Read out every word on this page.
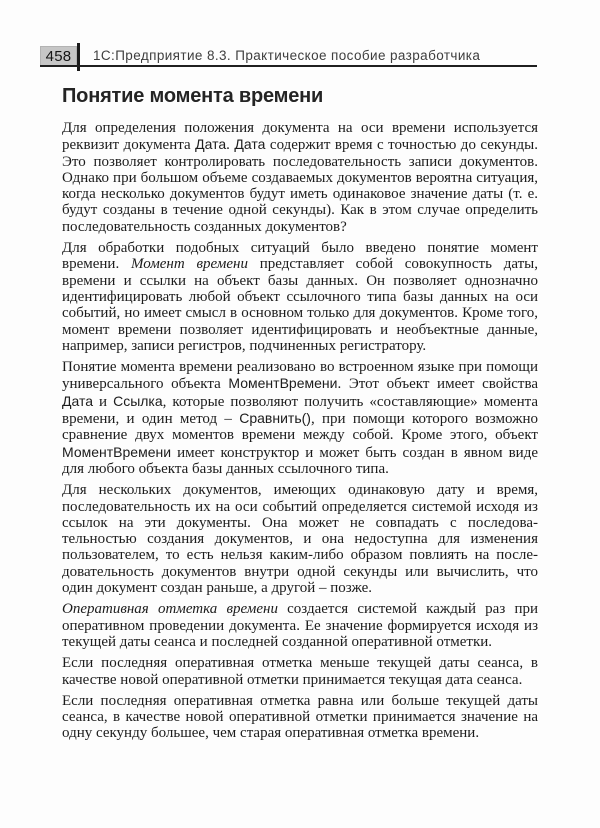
458 1С:Предприятие 8.3. Практическое пособие разработчика
Понятие момента времени

Для определения положения документа на оси времени используется реквизит документа Дата. Дата содержит время с точностью до секунды. Это позволяет контролировать последовательность записи документов. Однако при большом объеме создаваемых документов вероятна ситуация, когда несколько документов будут иметь одинаковое значение даты (т. е. будут созданы в течение одной секунды). Как в этом случае определить последовательность созданных документов?

Для обработки подобных ситуаций было введено понятие момент времени. Момент времени представляет собой совокупность даты, времени и ссылки на объект базы данных. Он позволяет однозначно идентифицировать любой объект ссылочного типа базы данных на оси событий, но имеет смысл в основном только для документов. Кроме того, момент времени позволяет идентифицировать и необъектные данные, например, записи регистров, подчиненных регистратору.

Понятие момента времени реализовано во встроенном языке при помощи универсального объекта МоментВремени. Этот объект имеет свойства Дата и Ссылка, которые позволяют получить «составляющие» момента времени, и один метод – Сравнить(), при помощи которого возможно сравнение двух моментов времени между собой. Кроме этого, объект МоментВремени имеет конструктор и может быть создан в явном виде для любого объекта базы данных ссылочного типа.

Для нескольких документов, имеющих одинаковую дату и время, последовательность их на оси событий определяется системой исходя из ссылок на эти документы. Она может не совпадать с последовательностью создания документов, и она недоступна для изменения пользователем, то есть нельзя каким-либо образом повлиять на последовательность документов внутри одной секунды или вычислить, что один документ создан раньше, а другой – позже.

Оперативная отметка времени создается системой каждый раз при оперативном проведении документа. Ее значение формируется исходя из текущей даты сеанса и последней созданной оперативной отметки.

Если последняя оперативная отметка меньше текущей даты сеанса, в качестве новой оперативной отметки принимается текущая дата сеанса.

Если последняя оперативная отметка равна или больше текущей даты сеанса, в качестве новой оперативной отметки принимается значение на одну секунду большее, чем старая оперативная отметка времени.
